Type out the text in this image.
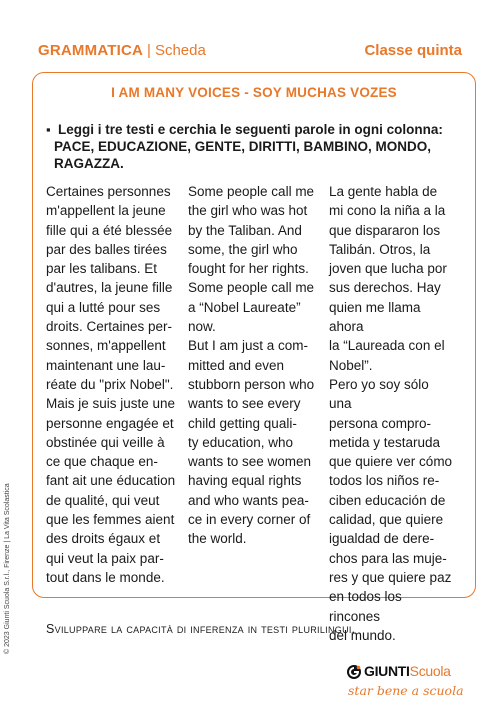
GRAMMATICA | Scheda	Classe quinta
I AM MANY VOICES - SOY MUCHAS VOZES
▪ Leggi i tre testi e cerchia le seguenti parole in ogni colonna:
PACE, EDUCAZIONE, GENTE, DIRITTI, BAMBINO, MONDO, RAGAZZA.

Certaines personnes

m'appellent la jeune

fille qui a été blessée

par des balles tirées

par les talibans. Et

d'autres, la jeune fille

qui a lutté pour ses

droits. Certaines per-

sonnes, m'appellent

maintenant une lau-

réate du "prix Nobel".

Mais je suis juste une

personne engagée et

obstinée qui veille à

ce que chaque en-

fant ait une éducation

de qualité, qui veut

que les femmes aient

des droits égaux et

qui veut la paix par-

tout dans le monde.

Some people call me

the girl who was hot

by the Taliban. And

some, the girl who

fought for her rights.

Some people call me

a “Nobel Laureate”

now.

But I am just a com-

mitted and even

stubborn person who

wants to see every

child getting quali-

ty education, who

wants to see women

having equal rights

and who wants pea-

ce in every corner of

the world.

La gente habla de

mi cono la niña a la

que dispararon los

Talibán. Otros, la

joven que lucha por

sus derechos. Hay

quien me llama ahora

la “Laureada con el

Nobel”.

Pero yo soy sólo una

persona compro-

metida y testaruda

que quiere ver cómo

todos los niños re-

ciben educación de

calidad, que quiere

igualdad de dere-

chos para las muje-

res y que quiere paz

en todos los rincones

del mundo.

Sviluppare la capacità di inferenza in testi plurilingui.
© 2023 Giunti Scuola S.r.l., Firenze | La Vita Scolastica
GIUNTIScuola
star bene a scuola
